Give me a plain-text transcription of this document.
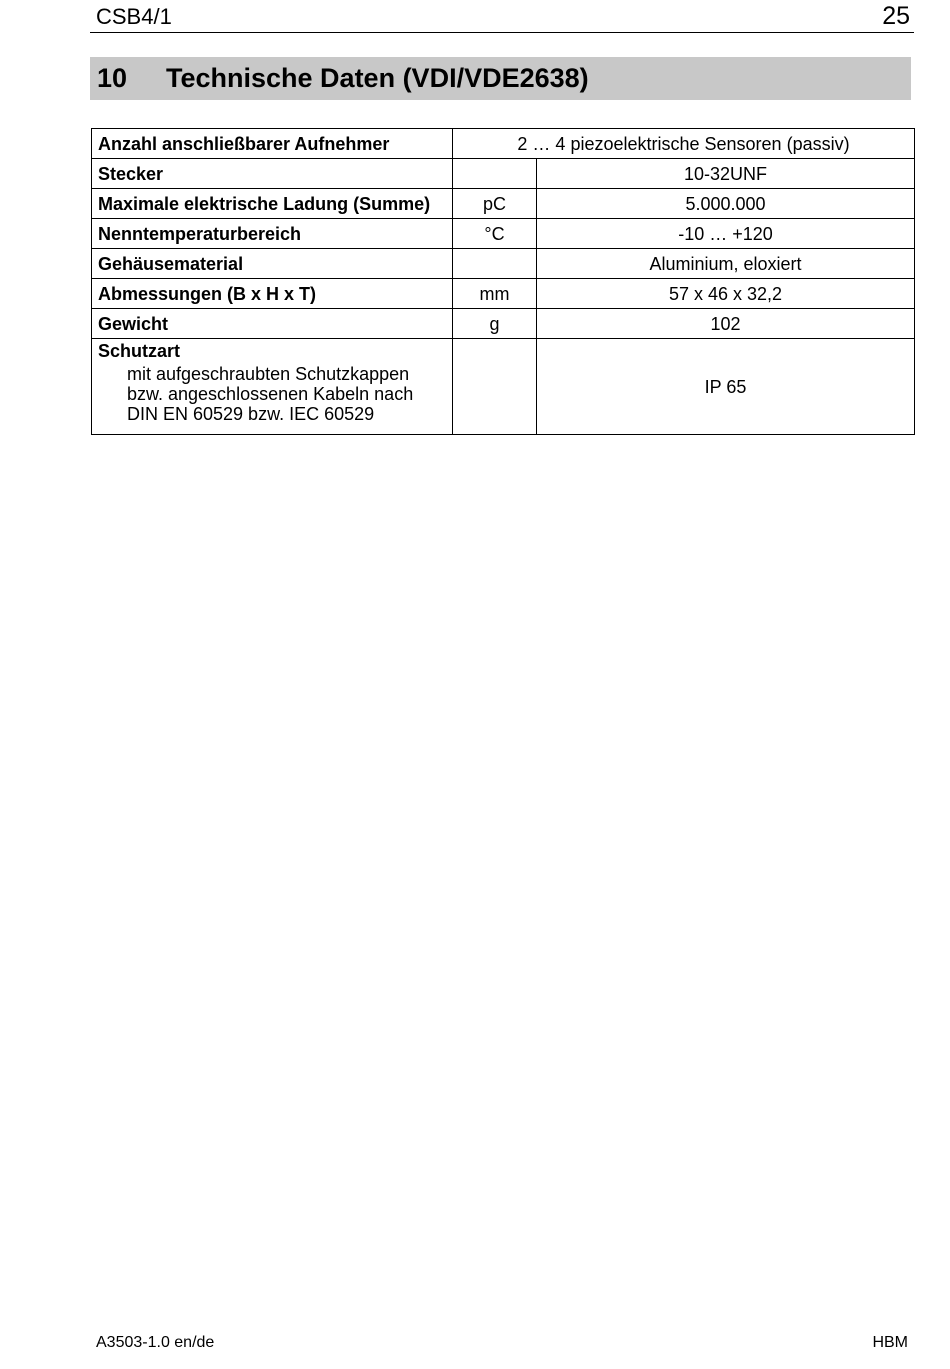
CSB4/1	25
10 Technische Daten (VDI/VDE2638)
Anzahl anschließbarer Aufnehmer	2 … 4 piezoelektrische Sensoren (passiv)	
Stecker		10-32UNF
Maximale elektrische Ladung (Summe)	pC	5.000.000
Nenntemperaturbereich	°C	-10 … +120
Gehäusematerial		Aluminium, eloxiert
Abmessungen (B x H x T)	mm	57 x 46 x 32,2
Gewicht	g	102

Schutzart
mit aufgeschraubten Schutzkappen
bzw. angeschlossenen Kabeln nach
DIN EN 60529 bzw. IEC 60529		IP 65
A3503-1.0 en/de	HBM
